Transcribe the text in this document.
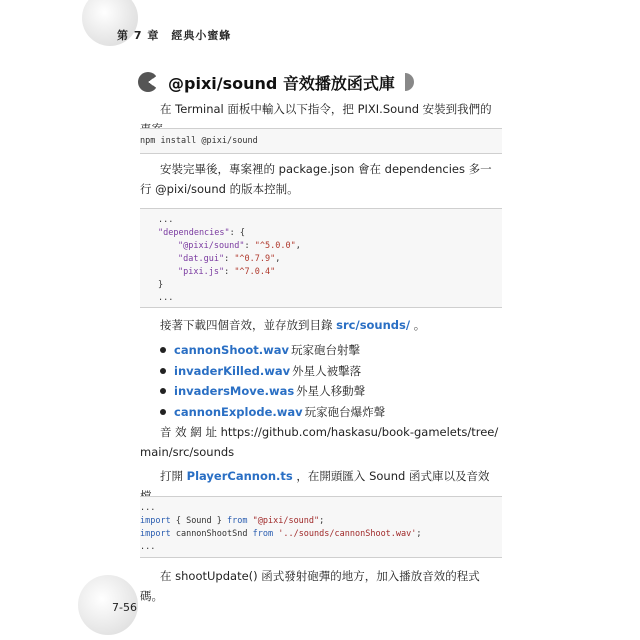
第 7 章　經典小蜜蜂
@pixi/sound 音效播放函式庫
在 Terminal 面板中輸入以下指令，把 PIXI.Sound 安裝到我們的
npm install @pixi/sound
安裝完畢後，專案裡的 package.json 會在 dependencies 多一行 @pixi/sound 的版本控制。
...
"dependencies": {
"@pixi/sound": "^5.0.0",
"dat.gui": "^0.7.9",
"pixi.js": "^7.0.4"
}
...
接著下載四個音效，並存放到目錄 src/sounds/ 。
cannonShoot.wav 玩家砲台射擊
invaderKilled.wav 外星人被擊落
invadersMove.was 外星人移動聲
cannonExplode.wav 玩家砲台爆炸聲
音 效 網 址 https://github.com/haskasu/book-gamelets/tree/main/src/sounds
打開 PlayerCannon.ts ，在開頭匯入 Sound 函式庫以及音效
...
import { Sound } from "@pixi/sound";
import cannonShootSnd from '../sounds/cannonShoot.wav';
...
在 shootUpdate() 函式發射砲彈的地方，加入播放音效的程式碼。
7-56
